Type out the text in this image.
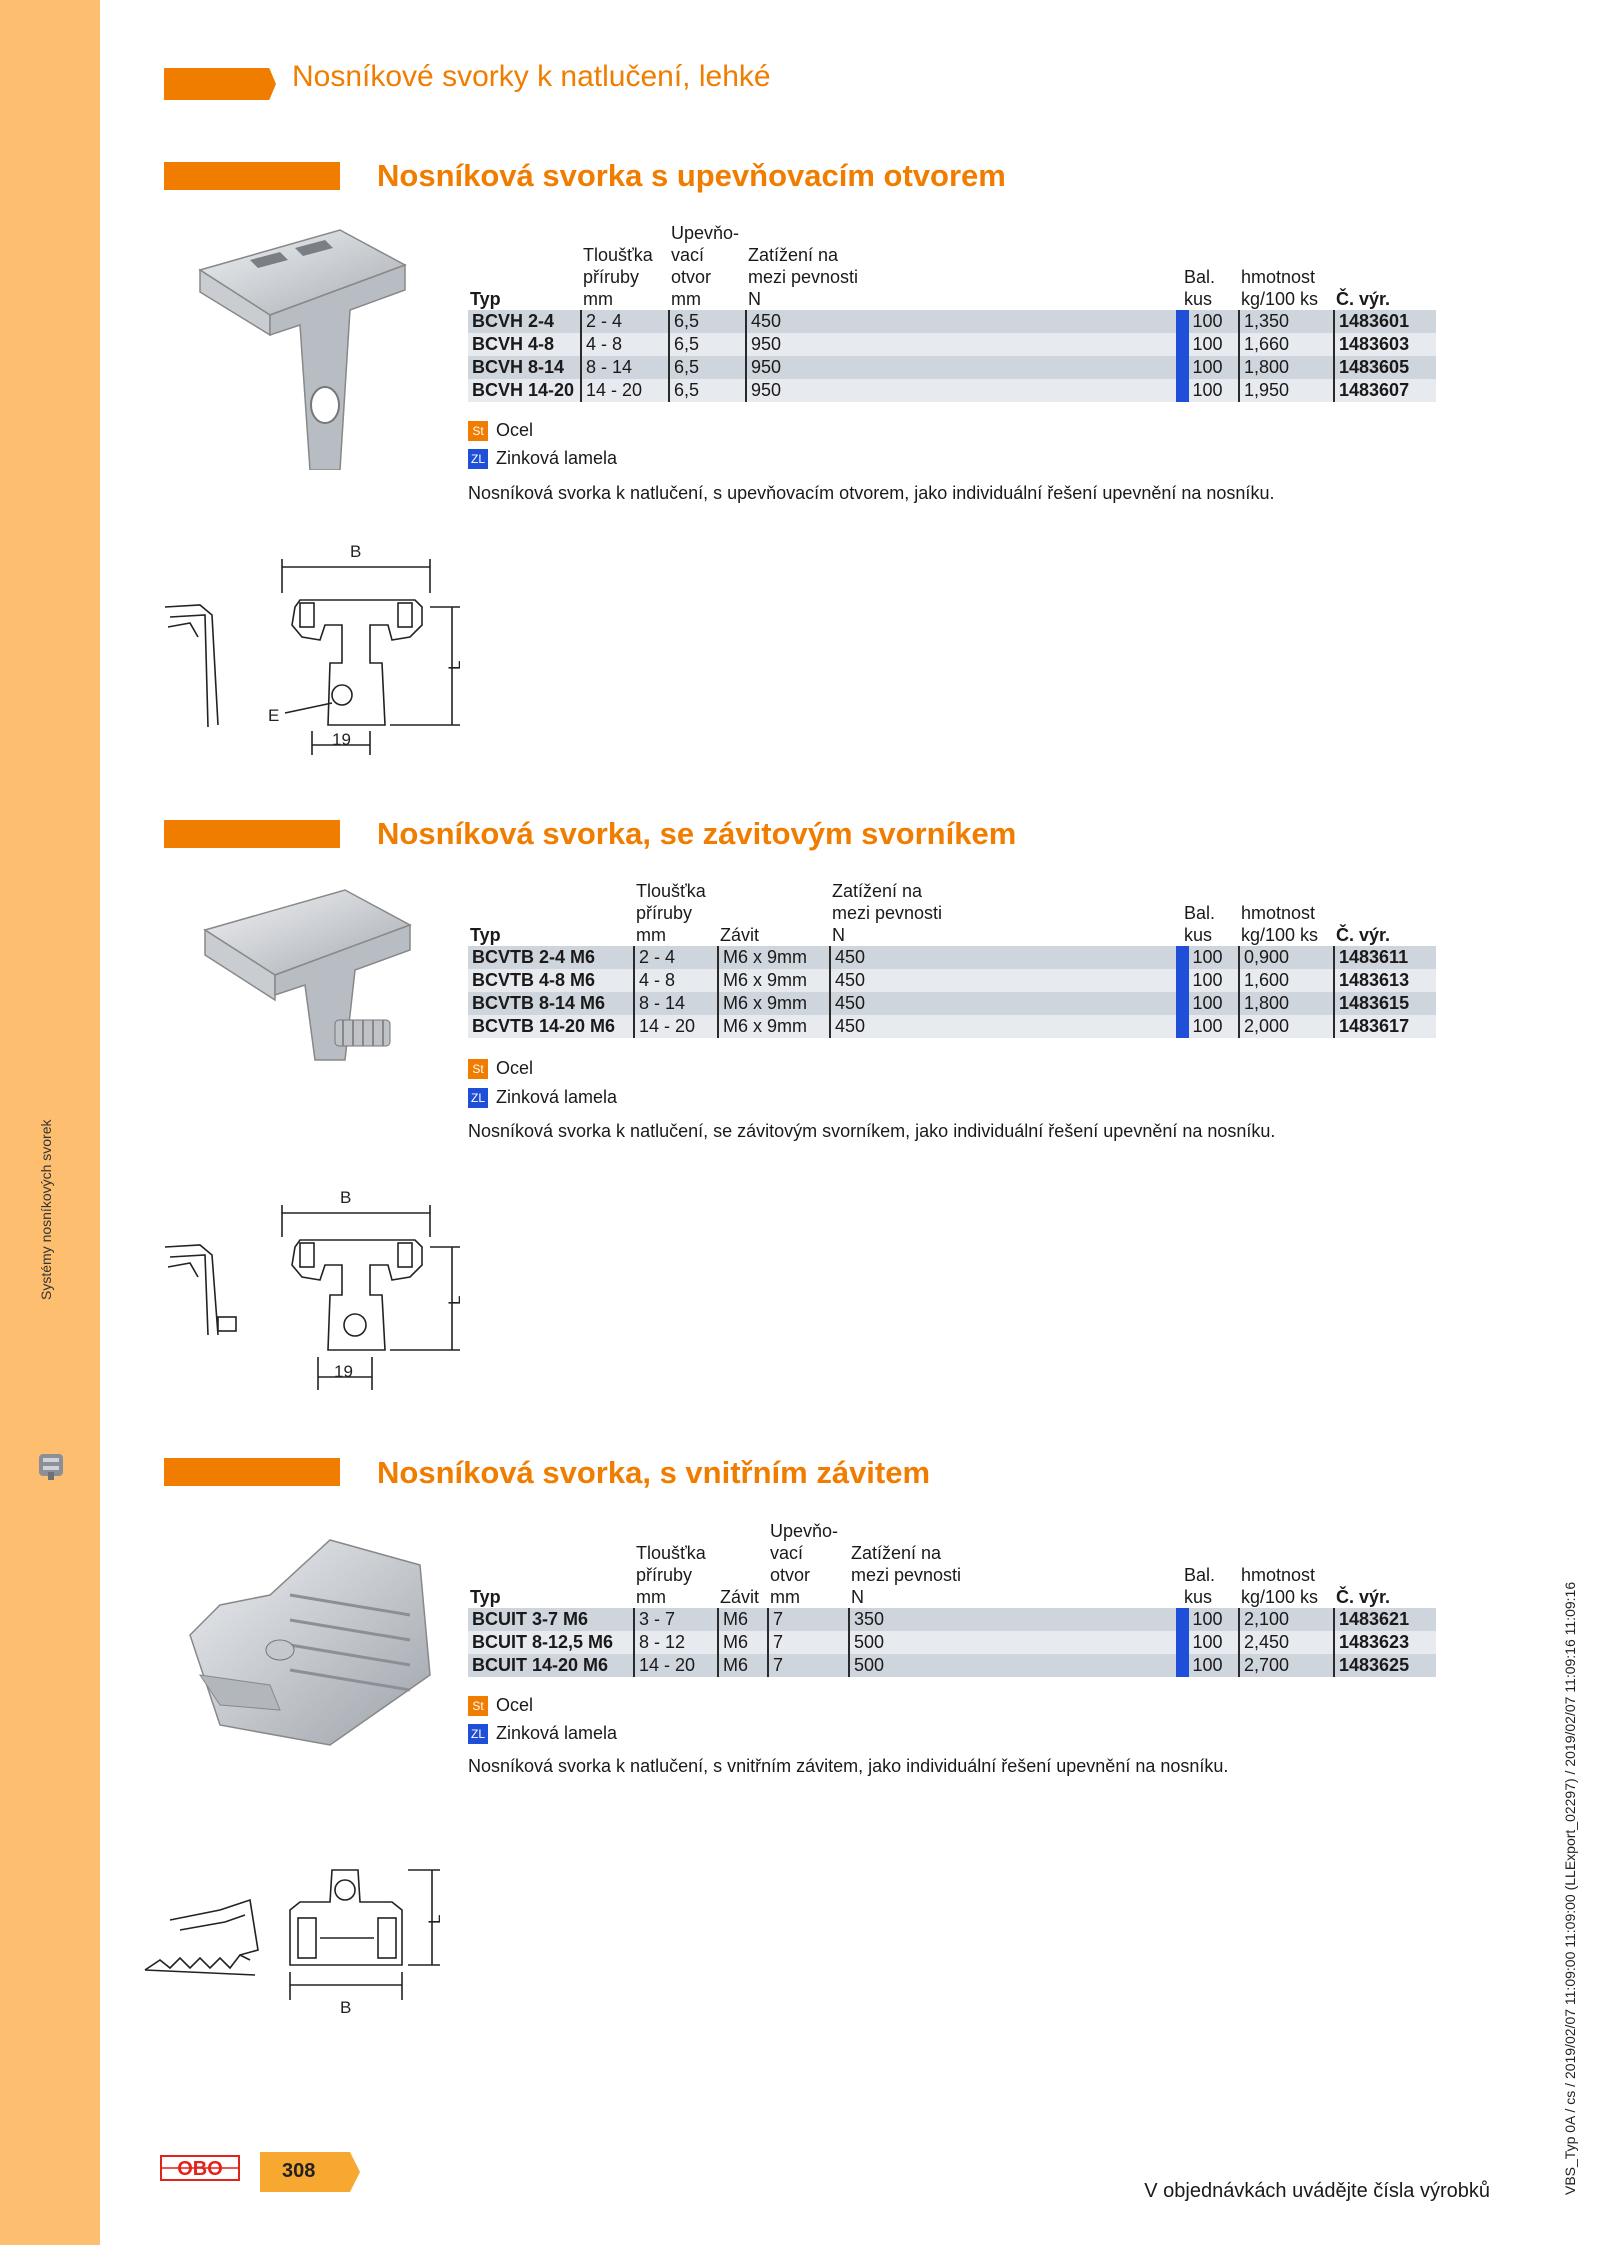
Systémy nosníkových svorek
Nosníkové svorky k natlučení, lehké
Nosníková svorka s upevňovacím otvorem

Tloušťka
příruby	Upevňo-
vací
otvor	Zatížení na
mezi pevnosti	Bal.	hmotnost	
Typ	mm	mm	N	kus	kg/100 ks	Č. výr.
BCVH 2-4	2 - 4	6,5	450	100	1,350	1483601
BCVH 4-8	4 - 8	6,5	950	100	1,660	1483603
BCVH 8-14	8 - 14	6,5	950	100	1,800	1483605
BCVH 14-20	14 - 20	6,5	950	100	1,950	1483607
St Ocel
ZL Zinková lamela
Nosníková svorka k natlučení, s upevňovacím otvorem, jako individuální řešení upevnění na nosníku.
B
L
E
19
Nosníková svorka, se závitovým svorníkem
	Tloušťka
příruby		Zatížení na
mezi pevnosti	Bal.	hmotnost	
Typ	mm	Závit	N	kus	kg/100 ks	Č. výr.
BCVTB 2-4 M6	2 - 4	M6 x 9mm	450	100	0,900	1483611
BCVTB 4-8 M6	4 - 8	M6 x 9mm	450	100	1,600	1483613
BCVTB 8-14 M6	8 - 14	M6 x 9mm	450	100	1,800	1483615
BCVTB 14-20 M6	14 - 20	M6 x 9mm	450	100	2,000	1483617
St Ocel
ZL Zinková lamela
Nosníková svorka k natlučení, se závitovým svorníkem, jako individuální řešení upevnění na nosníku.
B
L
19
Nosníková svorka, s vnitřním závitem

Tloušťka
příruby		Upevňo-
vací
otvor	Zatížení na
mezi pevnosti	Bal.	hmotnost	
Typ	mm	Závit	mm	N	kus	kg/100 ks	Č. výr.
BCUIT 3-7 M6	3 - 7	M6	7	350	100	2,100	1483621
BCUIT 8-12,5 M6	8 - 12	M6	7	500	100	2,450	1483623
BCUIT 14-20 M6	14 - 20	M6	7	500	100	2,700	1483625
St Ocel
ZL Zinková lamela
Nosníková svorka k natlučení, s vnitřním závitem, jako individuální řešení upevnění na nosníku.
B
L	VBS_Typ 0A / cs / 2019/02/07 11:09:00 11:09:00 (LLExport_02297) / 2019/02/07 11:09:16 11:09:16
OBO	308
V objednávkách uvádějte čísla výrobků
